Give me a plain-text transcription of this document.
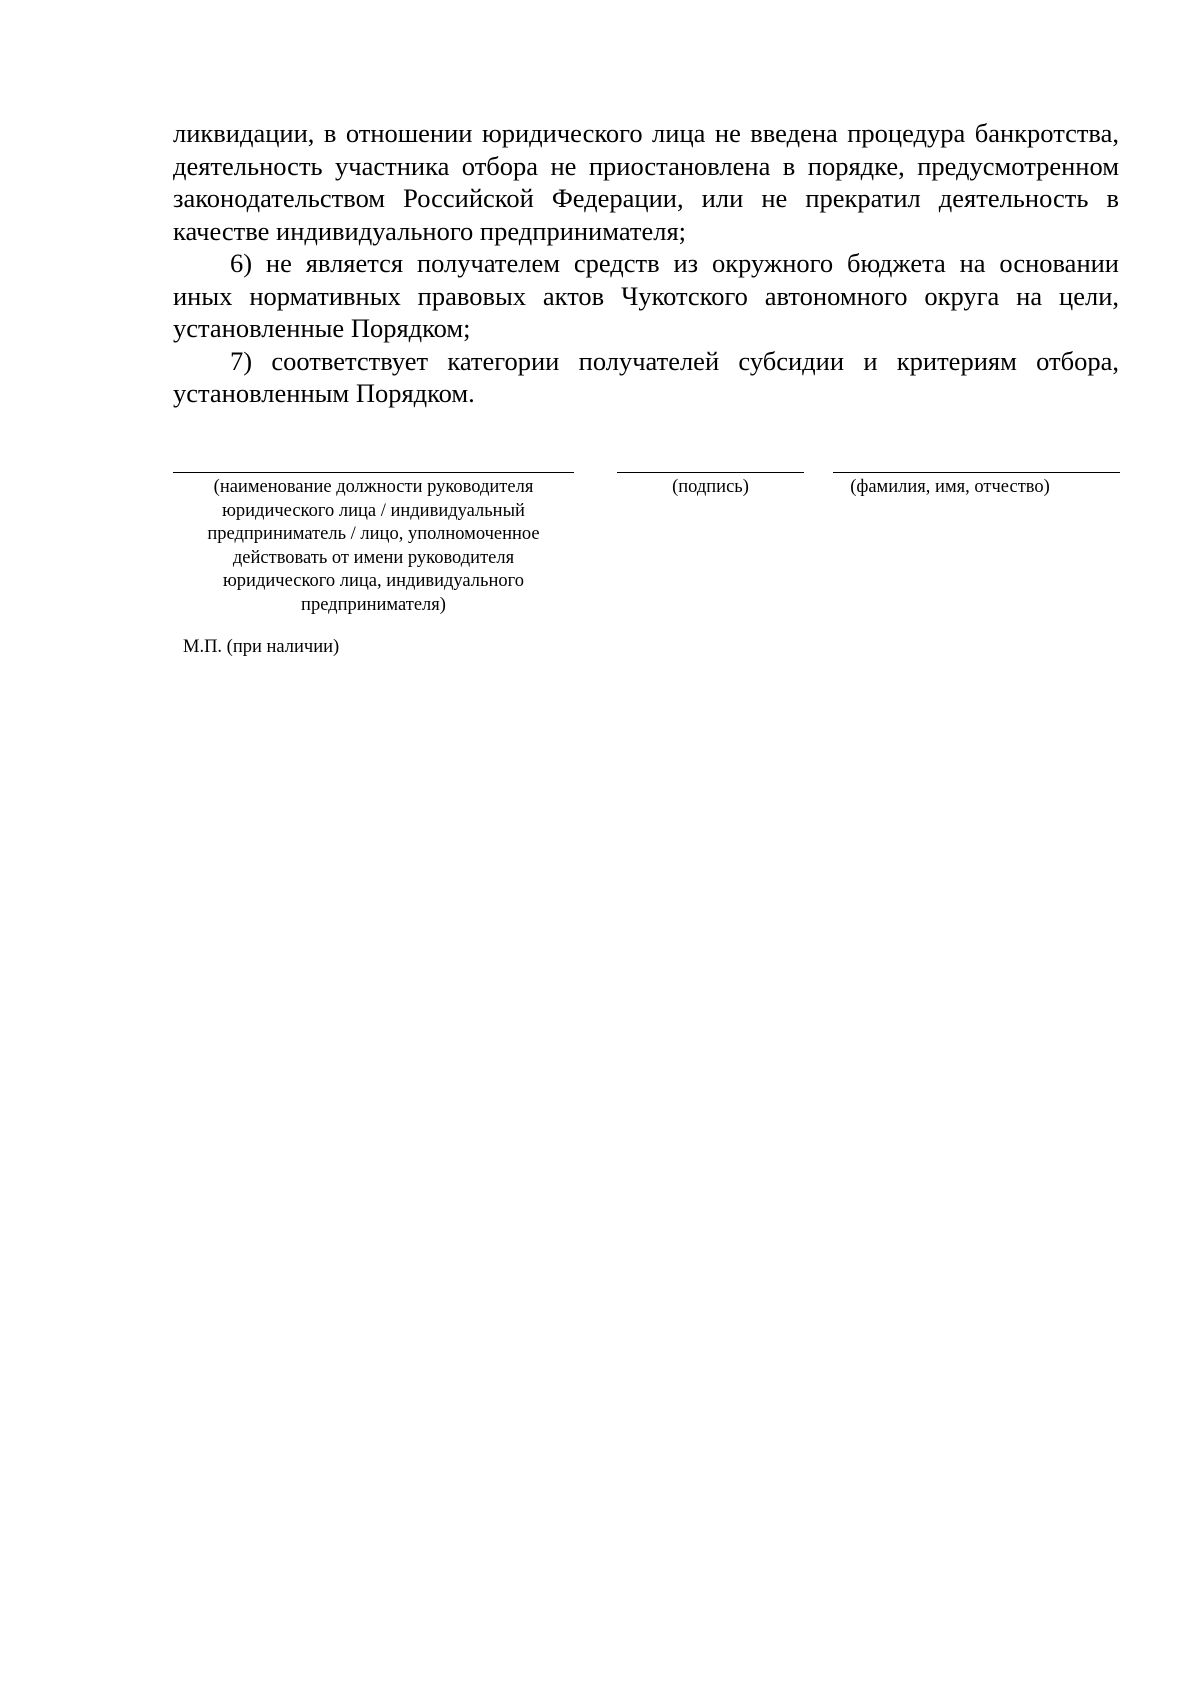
ликвидации, в отношении юридического лица не введена процедура банкротства, деятельность участника отбора не приостановлена в порядке, предусмотренном законодательством Российской Федерации, или не прекратил деятельность в качестве индивидуального предпринимателя;

6) не является получателем средств из окружного бюджета на основании иных нормативных правовых актов Чукотского автономного округа на цели, установленные Порядком;

7) соответствует категории получателей субсидии и критериям отбора, установленным Порядком.

(наименование должности руководителя
юридического лица / индивидуальный
предприниматель / лицо, уполномоченное
действовать от имени руководителя
юридического лица, индивидуального
предпринимателя)
(подпись)	(фамилия, имя, отчество)
М.П. (при наличии)
